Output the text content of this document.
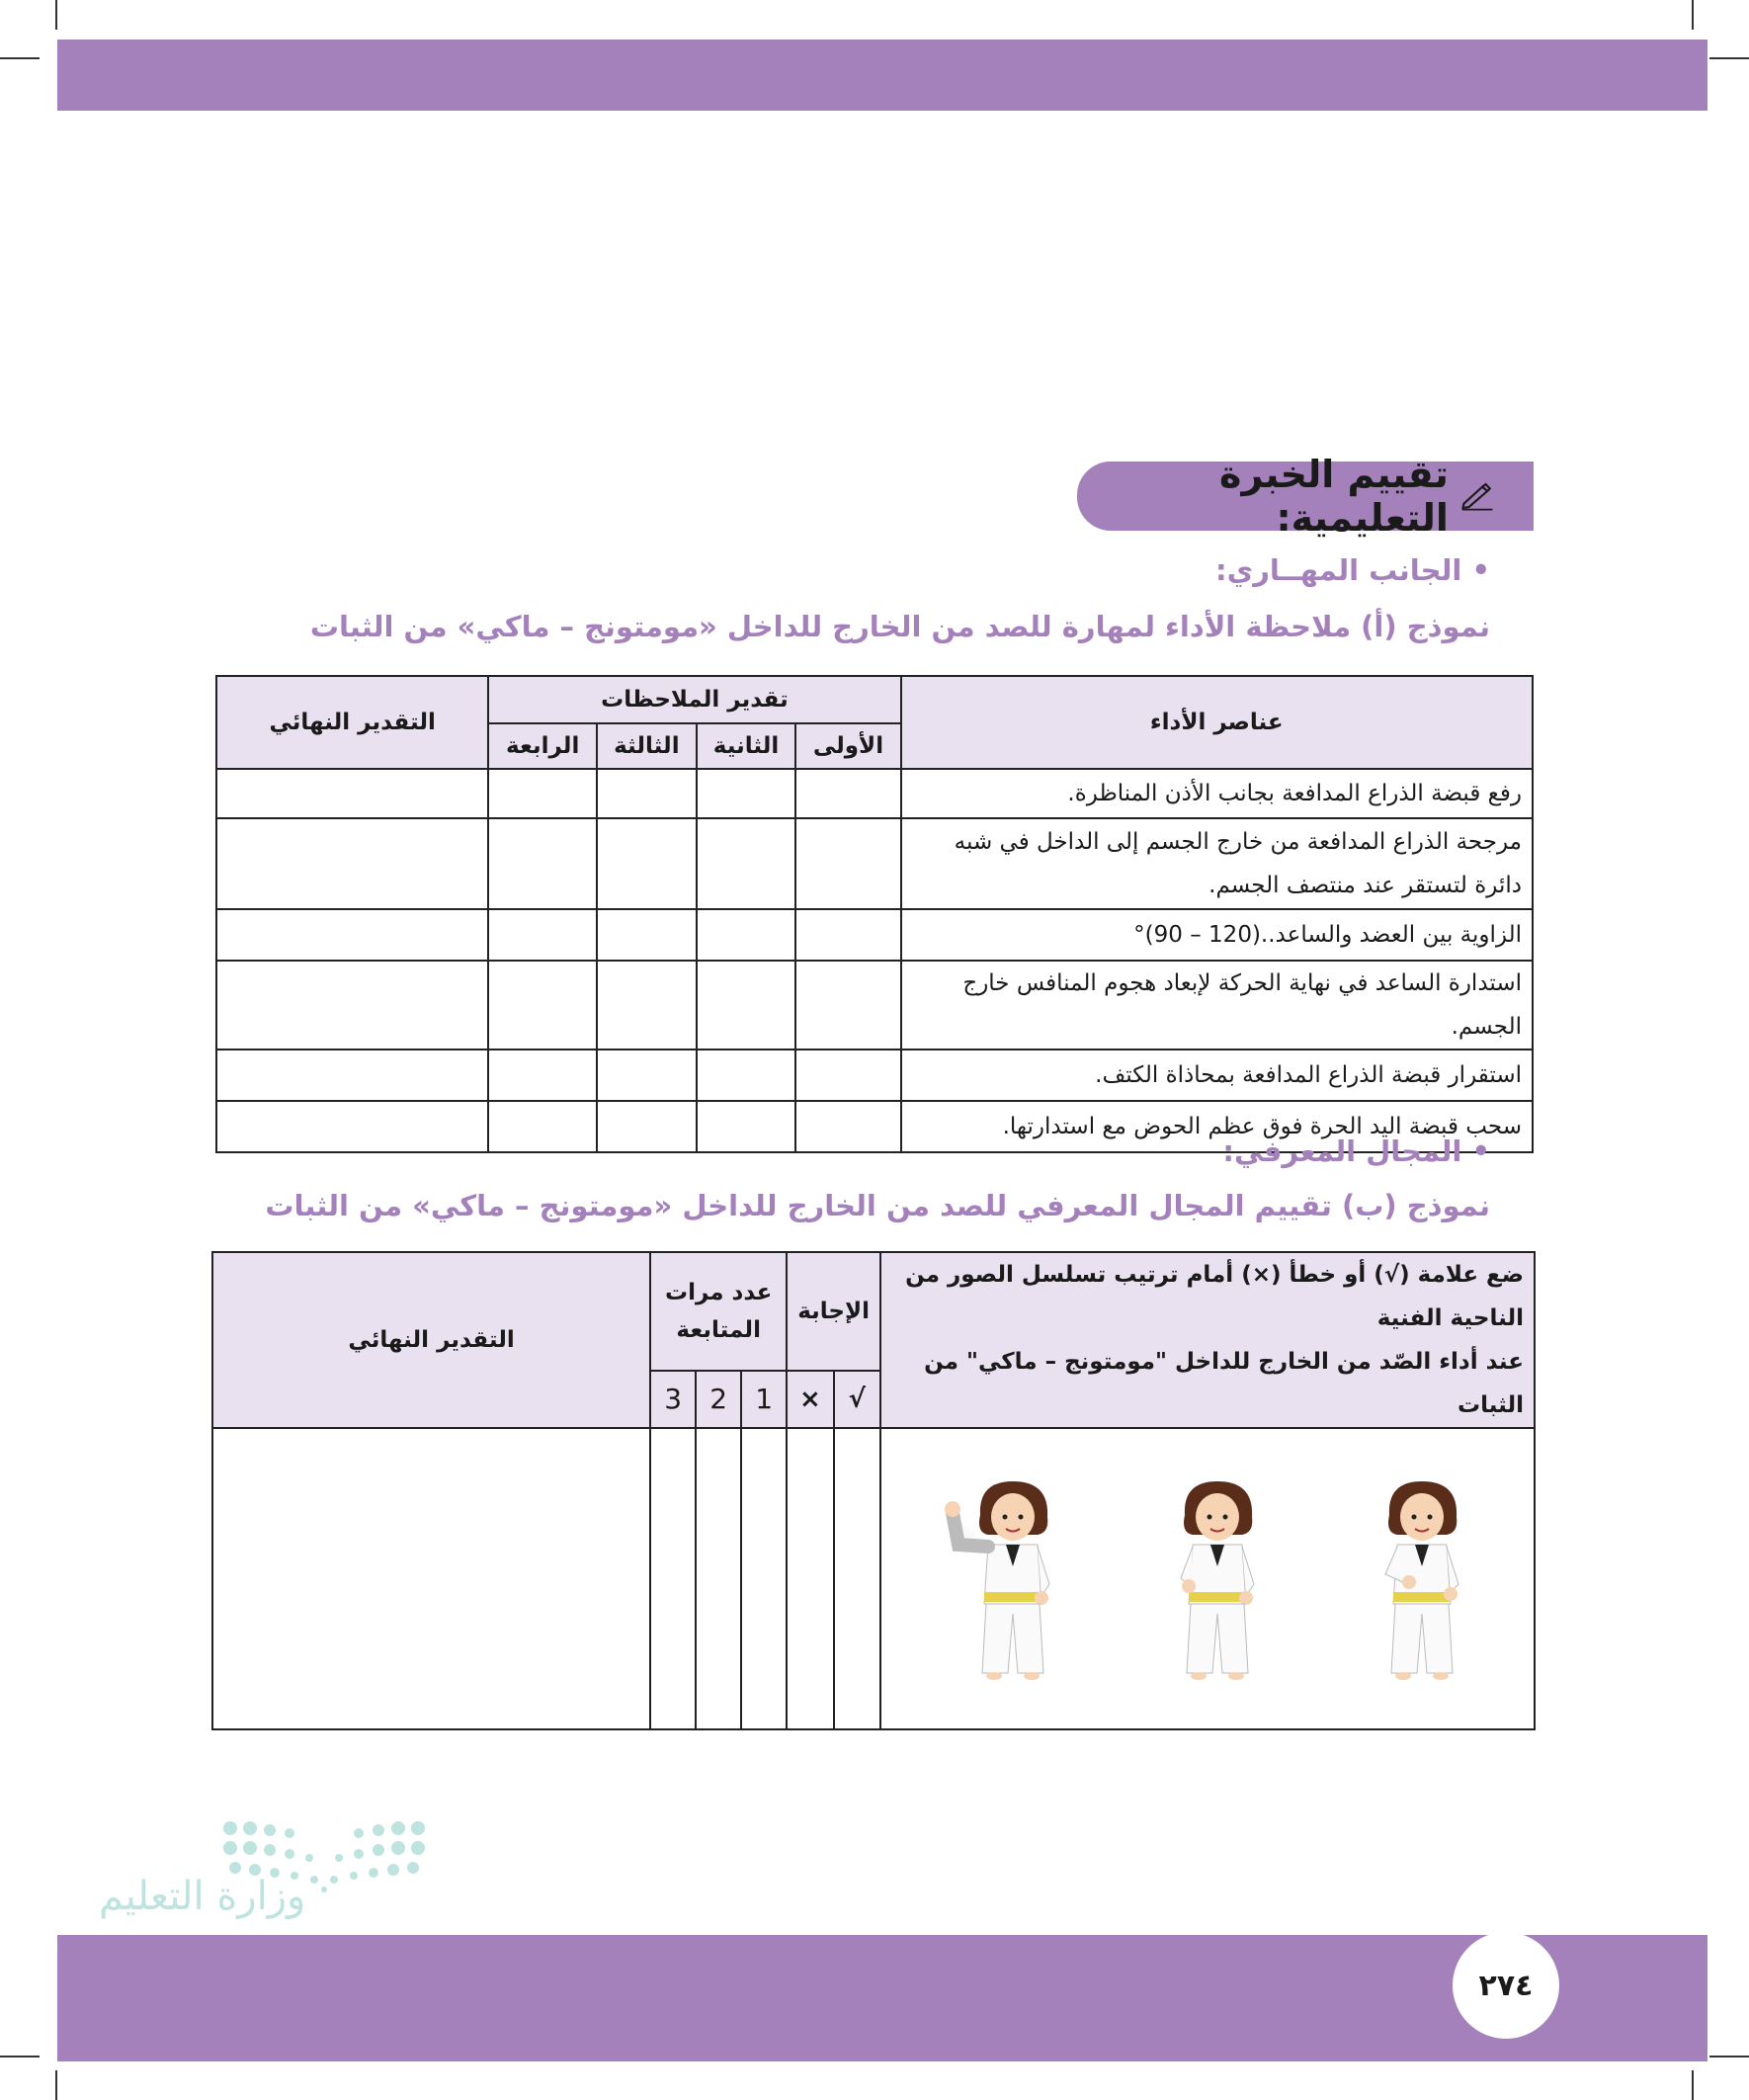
تقييم الخبرة التعليمية:
• الجانب المهــاري:
نموذج (أ) ملاحظة الأداء لمهارة للصد من الخارج للداخل «مومتونج – ماكي» من الثبات
عناصر الأداء	تقدير الملاحظات				التقدير النهائي
	الأولى	الثانية	الثالثة	الرابعة	
رفع قبضة الذراع المدافعة بجانب الأذن المناظرة.					
مرجحة الذراع المدافعة من خارج الجسم إلى الداخل في شبه دائرة لتستقر عند منتصف الجسم.					
الزاوية بين العضد والساعد..(120 – 90)°					
استدارة الساعد في نهاية الحركة لإبعاد هجوم المنافس خارج الجسم.					
استقرار قبضة الذراع المدافعة بمحاذاة الكتف.					
سحب قبضة اليد الحرة فوق عظم الحوض مع استدارتها.					
• المجال المعرفي:
نموذج (ب) تقييم المجال المعرفي للصد من الخارج للداخل «مومتونج – ماكي» من الثبات
ضع علامة (√) أو خطأ (×) أمام ترتيب تسلسل الصور من الناحية الفنية
عند أداء الصّد من الخارج للداخل "مومتونج – ماكي" من الثبات	الإجابة		عدد مرات المتابعة			التقدير النهائي
	√	×	1	2	3	

وزارة التعليم
٢٧٤
